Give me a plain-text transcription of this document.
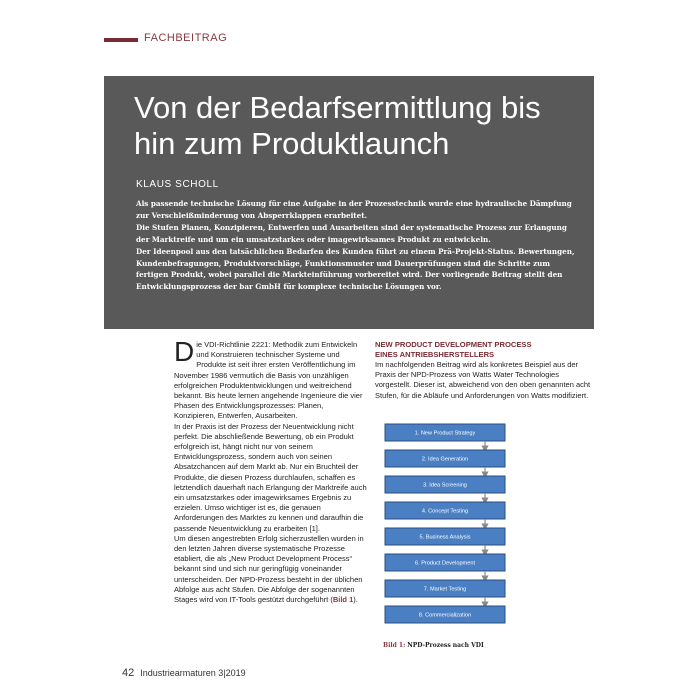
FACHBEITRAG
Von der Bedarfsermittlung bis hin zum Produktlaunch
KLAUS SCHOLL

Als passende technische Lösung für eine Aufgabe in der Prozesstechnik wurde eine hydraulische Dämpfung zur Verschleißminderung von Absperrklappen erarbeitet.

Die Stufen Planen, Konzipieren, Entwerfen und Ausarbeiten sind der systematische Prozess zur Erlangung der Marktreife und um ein umsatzstarkes oder imagewirksames Produkt zu entwickeln.

Der Ideenpool aus den tatsächlichen Bedarfen des Kunden führt zu einem Prä-Projekt-Status. Bewertungen, Kundenbefragungen, Produktvorschläge, Funktionsmuster und Dauerprüfungen sind die Schritte zum fertigen Produkt, wobei parallel die Markteinführung vorbereitet wird. Der vorliegende Beitrag stellt den Entwicklungsprozess der bar GmbH für komplexe technische Lösungen vor.

Die VDI-Richtlinie 2221: Methodik zum Entwickeln und Konstruieren technischer Systeme und Produkte ist seit ihrer ersten Veröffentlichung im November 1986 vermutlich die Basis von unzähligen erfolgreichen Produktentwicklungen und weitreichend bekannt. Bis heute lernen angehende Ingenieure die vier Phasen des Entwicklungsprozesses: Planen, Konzipieren, Entwerfen, Ausarbeiten.

In der Praxis ist der Prozess der Neuentwicklung nicht perfekt. Die abschließende Bewertung, ob ein Produkt erfolgreich ist, hängt nicht nur von seinem Entwicklungsprozess, sondern auch von seinen Absatzchancen auf dem Markt ab. Nur ein Bruchteil der Produkte, die diesen Prozess durchlaufen, schaffen es letztendlich dauerhaft nach Erlangung der Marktreife auch ein umsatzstarkes oder imagewirksames Ergebnis zu erzielen. Umso wichtiger ist es, die genauen Anforderungen des Marktes zu kennen und daraufhin die passende Neuentwicklung zu erarbeiten [1].

Um diesen angestrebten Erfolg sicherzustellen wurden in den letzten Jahren diverse systematische Prozesse etabliert, die als „New Product Development Process“ bekannt sind und sich nur geringfügig voneinander unterscheiden. Der NPD-Prozess besteht in der üblichen Abfolge aus acht Stufen. Die Abfolge der sogenannten Stages wird von IT-Tools gestützt durchgeführt (Bild 1).

NEW PRODUCT DEVELOPMENT PROCESS
EINES ANTRIEBSHERSTELLERS

Im nachfolgenden Beitrag wird als konkretes Beispiel aus der Praxis der NPD-Prozess von Watts Water Technologies vorgestellt. Dieser ist, abweichend von den oben genannten acht Stufen, für die Abläufe und Anforderungen von Watts modifiziert.

1. New Product Strategy
2. Idea Generation
3. Idea Screening
4. Concept Testing
5. Business Analysis
6. Product Development
7. Market Testing
8. Commercialization
Bild 1: NPD-Prozess nach VDI
42 Industriearmaturen 3|2019
